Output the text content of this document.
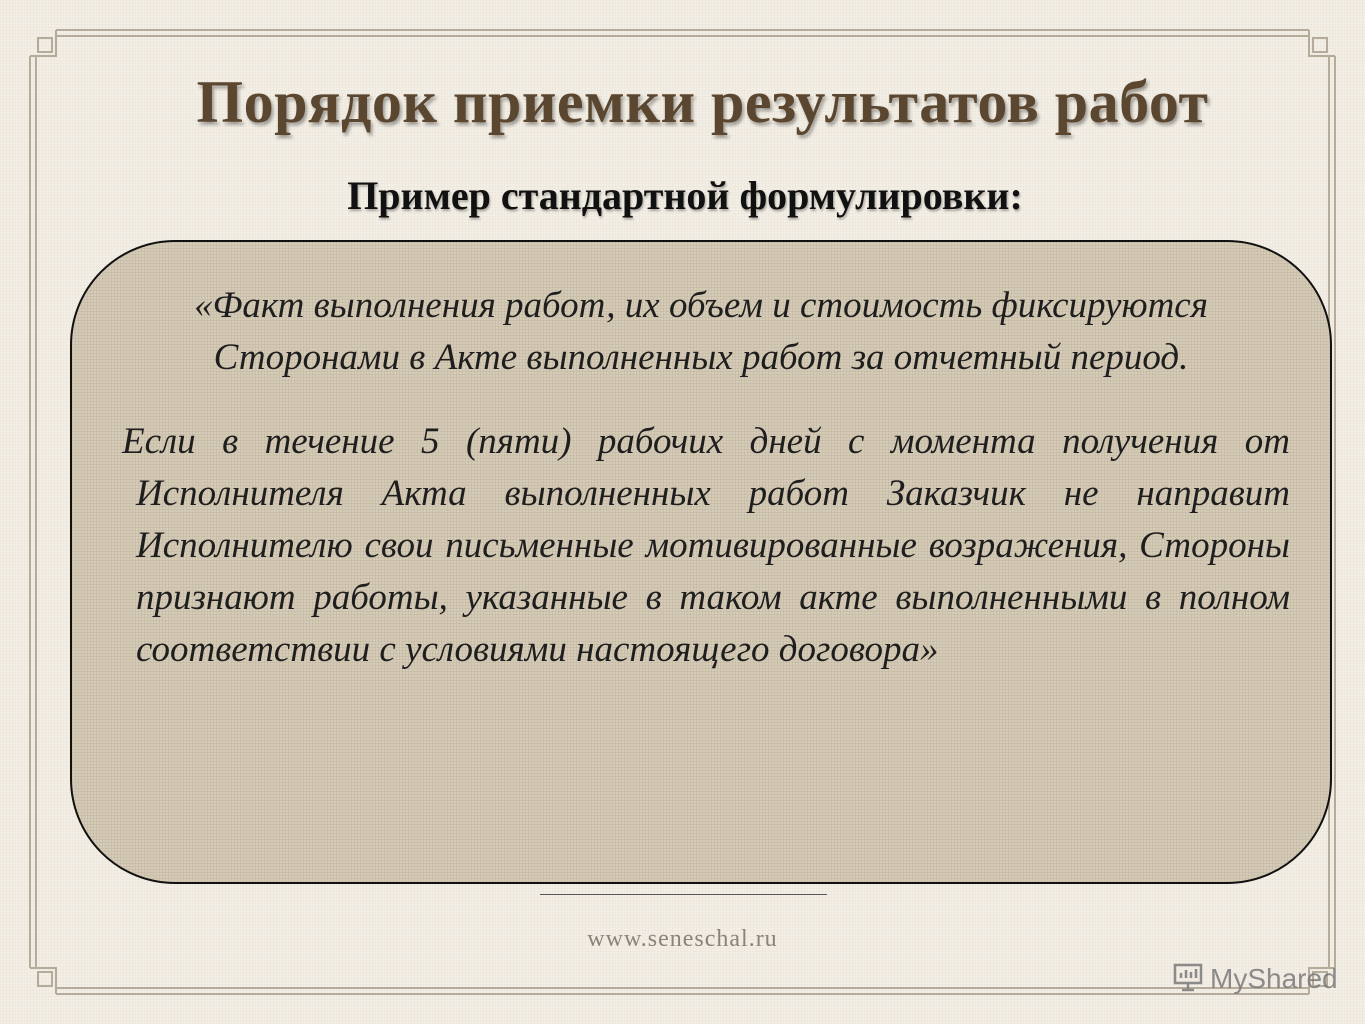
Порядок приемки результатов работ
Пример стандартной формулировки:

«Факт выполнения работ, их объем и стоимость фиксируются Сторонами в Акте выполненных работ за отчетный период.

Если в течение 5 (пяти) рабочих дней с момента получения от Исполнителя Акта выполненных работ Заказчик не направит Исполнителю свои письменные мотивированные возражения, Стороны признают работы, указанные в таком акте выполненными в полном соответствии с условиями настоящего договора»

www.seneschal.ru
MyShared
